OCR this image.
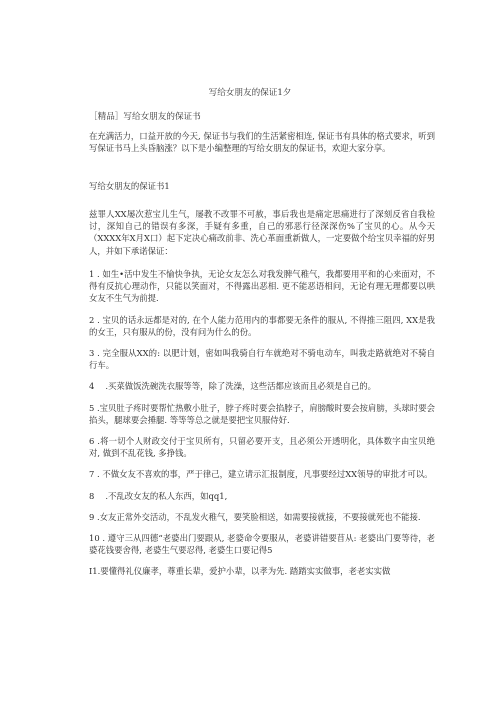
写给女朋友的保证1夕
［精品］写给女朋友的保证书

在充满活力，口益开放的今天, 保证书与我们的生活紧密相连, 保证书有具体的格式要求，听到写保证书马上头昏脑涨？以下是小编整理的写给女朋友的保证书，欢迎大家分享。

写给女朋友的保证书1

兹罪人XX屡次惹宝儿生气，屡教不改罪不可赦，事后我也是痛定思痛进行了深刻反省自我检讨，深知自己的错误有多深，手疑有多重，自己的邪恶行径深深伤%了宝贝的心。从今天（XXXX年X月X口）起下定决心痛改前非、洗心革面重新做人，一定要做个给宝贝幸福的好男人，并如下承诺保证：

1 . 如生•活中发生不愉快争执，无论女友怎么对我发脾气稚气，我都要用平和的心来面对，不得有反抗心理动作，只能以笑面对，不得露出恶相. 更不能恶语相问，无论有理无理都要以哄女友不生气为前提.

2 . 宝贝的话永远都是对的, 在个人能力范用内的事都要无条件的服从, 不得推三阻四, XX是我的女王，只有服从的份，没有问为什么的份。

3 . 完全服从XX的: 以肥计划，密如叫我骑自行车就绝对不骑电动车，叫我走路就绝对不骑自行车。

4 　.买菜做饭洗碗洗衣服等等，除了洗澡，这些活都应该而且必须是自己的。

5 .宝贝肚子疼时要帮忙热敷小肚子，脖子疼时要会掐脖子，肩膀酸时要会按肩膀，头球时要会掐头，腿球要会捶腿. 等等等总之就是要把宝贝服侍好.

6 .将一切个人财政交付于宝贝所有，只留必要开支，且必须公开透明化，具体数字由宝贝绝对, 做到不乱花钱, 多挣钱。

7 . 不做女友不喜欢的事，严于律己，建立请示汇报制度，凡事要经过XX领导的审批才可以。

8 　.不乱改女友的私人东西，如qq1,

9 .女友正常外交活动，不乱发火稚气，要笑脸相送，如需要接就接，不要接就死也不能接.

10 . 遵守三从四德“老婆出门要跟从, 老婆命令要服从，老婆讲错要苜从: 老婆出门要等待，老婆花钱要舍得, 老婆生气要忍得, 老婆生口要记得5

I1.要懂得礼仪廉孝，尊重长辈，爱护小辈，以孝为先. 踏踏实实做事，老老实实做
